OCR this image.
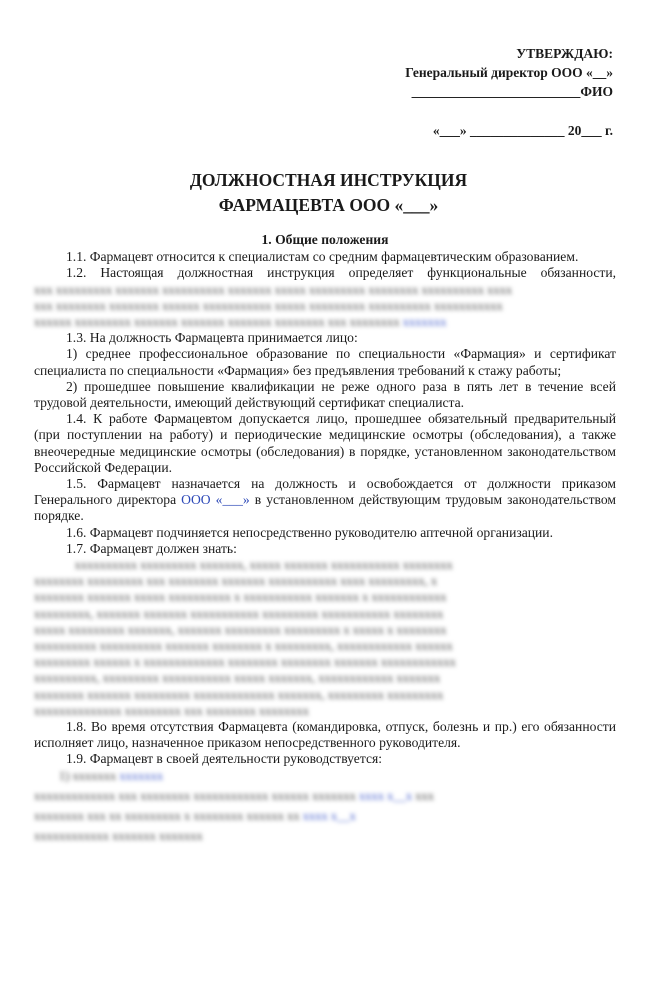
УТВЕРЖДАЮ:
Генеральный директор ООО «__»
_________________________ФИО
«___» ______________ 20___ г.
ДОЛЖНОСТНАЯ ИНСТРУКЦИЯ
ФАРМАЦЕВТА ООО «___»
1. Общие положения
1.1. Фармацевт относится к специалистам со средним фармацевтическим образованием.
1.2. Настоящая должностная инструкция определяет функциональные обязанности,
ххх ххххххххх ххххххх хххххххххх ххххххх ххххх ххххххххх хххххххх хххххххххх хххх
ххх хххххххх хххххххх хххххх ххххххххххх ххххх ххххххххх хххххххххх ххххххххххх
хххххх ххххххххх ххххххх ххххххх ххххххх хххххххх ххх хххххххх ххххххх
1.3. На должность Фармацевта принимается лицо:
1) среднее профессиональное образование по специальности «Фармация» и сертификат специалиста по специальности «Фармация» без предъявления требований к стажу работы;
2) прошедшее повышение квалификации не реже одного раза в пять лет в течение всей трудовой деятельности, имеющий действующий сертификат специалиста.
1.4. К работе Фармацевтом допускается лицо, прошедшее обязательный предварительный (при поступлении на работу) и периодические медицинские осмотры (обследования), а также внеочередные медицинские осмотры (обследования) в порядке, установленном законодательством Российской Федерации.
1.5. Фармацевт назначается на должность и освобождается от должности приказом Генерального директора ООО «___» в установленном действующим трудовым законодательством порядке.
1.6. Фармацевт подчиняется непосредственно руководителю аптечной организации.
1.7. Фармацевт должен знать:
хххххххххх ххххххххх ххххххх, ххххх ххххххх ххххххххххх хххххххх
хххххххх ххххххххх ххх хххххххх ххххххх ххххххххххх хххх ххххххххх, х
хххххххх ххххххх ххххх хххххххххх х ххххххххххх ххххххх х хххххххххххх
ххххххххх, ххххххх ххххххх ххххххххххх ххххххххх ххххххххххх хххххххх
ххххх ххххххххх ххххххх, ххххххх ххххххххх ххххххххх х ххххх х хххххххх
хххххххххх хххххххххх ххххххх хххххххх х ххххххххх, хххххххххххх хххххх
ххххххххх хххххх х ххххххххххххх хххххххх хххххххх ххххххх хххххххххххх
хххххххххх, ххххххххх ххххххххххх ххххх ххххххх, хххххххххххх ххххххх
хххххххх ххххххх ххххххххх ххххххххххххх ххххххх, ххххххххх ххххххххх
хххххххххххххх ххххххххх ххх хххххххх хххххххх
1.8. Во время отсутствия Фармацевта (командировка, отпуск, болезнь и пр.) его обязанности исполняет лицо, назначенное приказом непосредственного руководителя.
1.9. Фармацевт в своей деятельности руководствуется:
1) ххххххх ххххххх
ххххххххххххх ххх хххххххх хххххххххххх хххххх ххххххх хххх х__х ххх
хххххххх ххх хх ххххххххх х хххххххх хххххх хх хххх х__х
хххххххххххх ххххххх ххххххх
